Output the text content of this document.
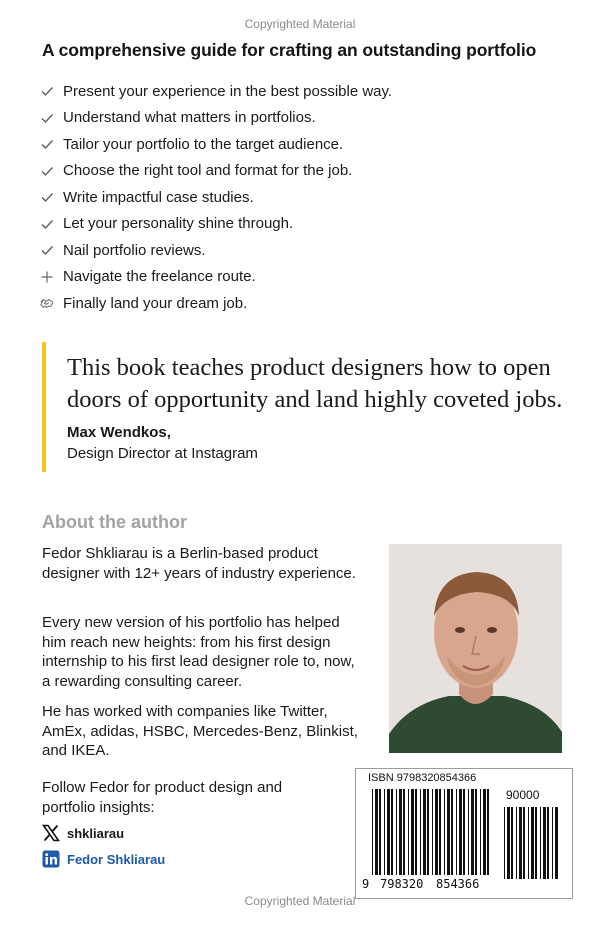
Copyrighted Material
A comprehensive guide for crafting an outstanding portfolio
Present your experience in the best possible way.
Understand what matters in portfolios.
Tailor your portfolio to the target audience.
Choose the right tool and format for the job.
Write impactful case studies.
Let your personality shine through.
Nail portfolio reviews.
Navigate the freelance route.
Finally land your dream job.
This book teaches product designers how to open doors of opportunity and land highly coveted jobs.
Max Wendkos,
Design Director at Instagram
About the author

Fedor Shkliarau is a Berlin-based product designer with 12+ years of industry experience.

Every new version of his portfolio has helped him reach new heights: from his first design internship to his first lead designer role to, now, a rewarding consulting career.

He has worked with companies like Twitter, AmEx, adidas, HSBC, Mercedes-Benz, Blinkist, and IKEA.

Follow Fedor for product design and portfolio insights:

shkliarau
Fedor Shkliarau
ISBN 9798320854366
90000
9 798320 854366
Copyrighted Material
